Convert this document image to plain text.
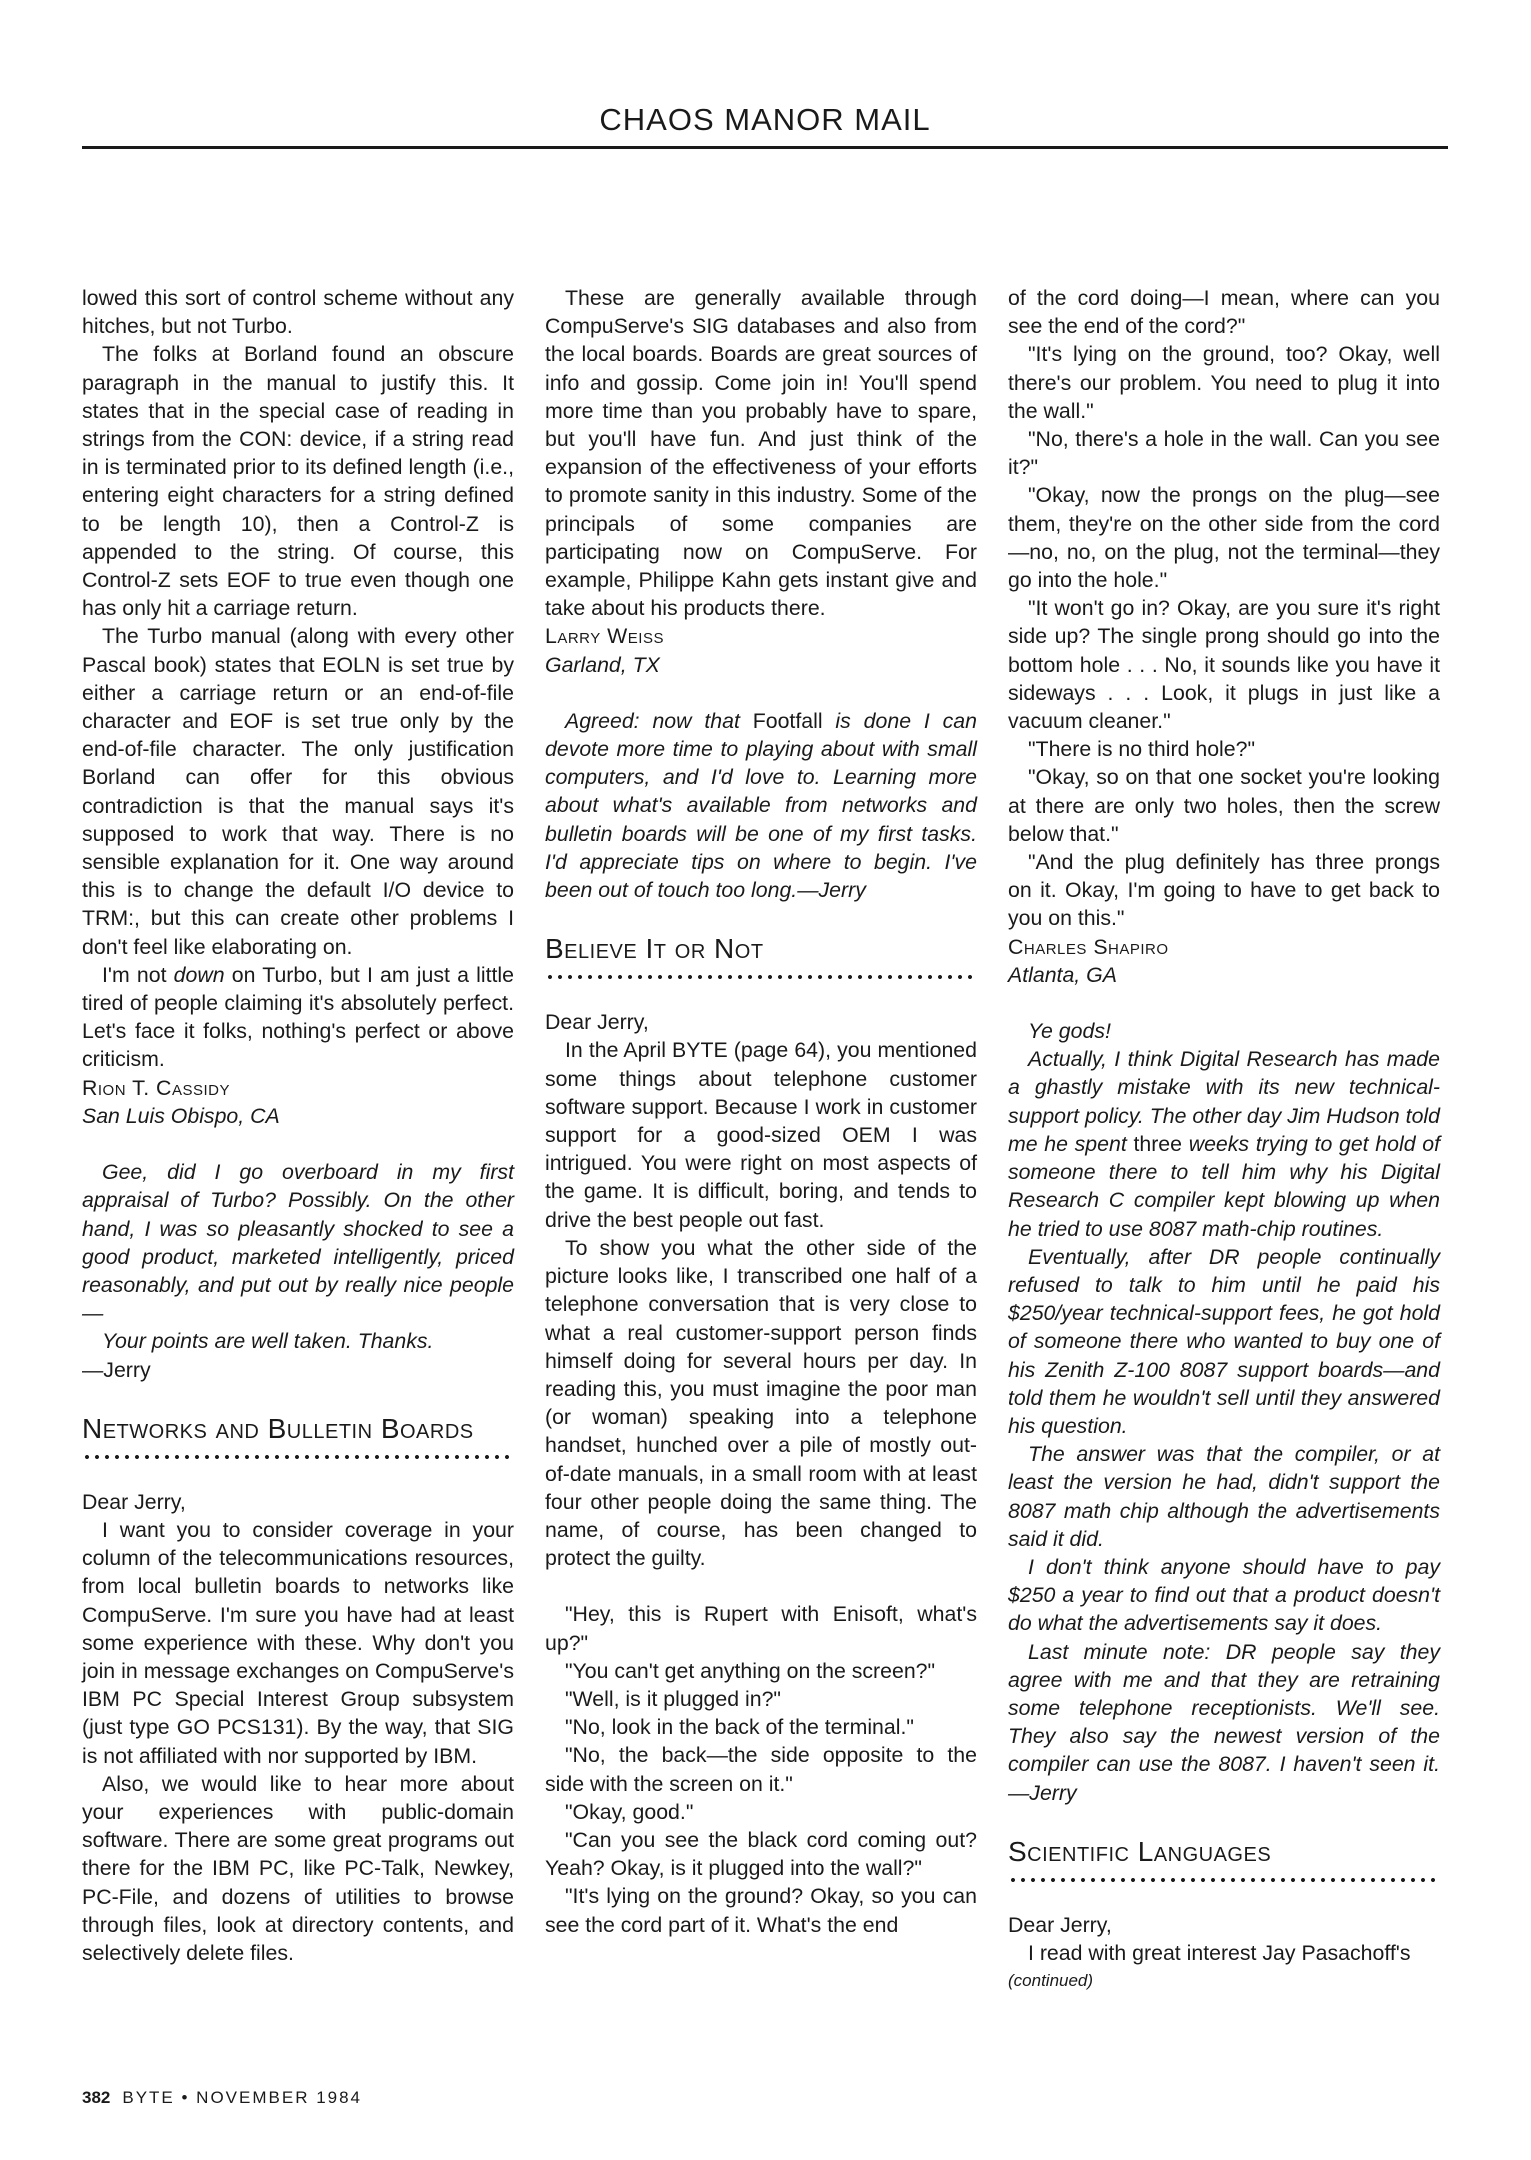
CHAOS MANOR MAIL

lowed this sort of control scheme without any hitches, but not Turbo.

The folks at Borland found an obscure paragraph in the manual to justify this. It states that in the special case of reading in strings from the CON: device, if a string read in is terminated prior to its defined length (i.e., entering eight characters for a string defined to be length 10), then a Control-Z is appended to the string. Of course, this Control-Z sets EOF to true even though one has only hit a carriage return.

The Turbo manual (along with every other Pascal book) states that EOLN is set true by either a carriage return or an end-of-file character and EOF is set true only by the end-of-file character. The only justification Borland can offer for this obvious contradiction is that the manual says it's supposed to work that way. There is no sensible explanation for it. One way around this is to change the default I/O device to TRM:, but this can create other problems I don't feel like elaborating on.

I'm not down on Turbo, but I am just a little tired of people claiming it's absolutely perfect. Let's face it folks, nothing's perfect or above criticism.

Rion T. Cassidy

San Luis Obispo, CA

Gee, did I go overboard in my first appraisal of Turbo? Possibly. On the other hand, I was so pleasantly shocked to see a good product, marketed intelligently, priced reasonably, and put out by really nice people—

Your points are well taken. Thanks.

—Jerry

Networks and Bulletin Boards

Dear Jerry,

I want you to consider coverage in your column of the telecommunications resources, from local bulletin boards to networks like CompuServe. I'm sure you have had at least some experience with these. Why don't you join in message exchanges on CompuServe's IBM PC Special Interest Group subsystem (just type GO PCS131). By the way, that SIG is not affiliated with nor supported by IBM.

Also, we would like to hear more about your experiences with public-domain software. There are some great programs out there for the IBM PC, like PC-Talk, Newkey, PC-File, and dozens of utilities to browse through files, look at directory contents, and selectively delete files.

These are generally available through CompuServe's SIG databases and also from the local boards. Boards are great sources of info and gossip. Come join in! You'll spend more time than you probably have to spare, but you'll have fun. And just think of the expansion of the effectiveness of your efforts to promote sanity in this industry. Some of the principals of some companies are participating now on CompuServe. For example, Philippe Kahn gets instant give and take about his products there.

Larry Weiss

Garland, TX

Agreed: now that Footfall is done I can devote more time to playing about with small computers, and I'd love to. Learning more about what's available from networks and bulletin boards will be one of my first tasks. I'd appreciate tips on where to begin. I've been out of touch too long.—Jerry

Believe It or Not

Dear Jerry,

In the April BYTE (page 64), you mentioned some things about telephone customer software support. Because I work in customer support for a good-sized OEM I was intrigued. You were right on most aspects of the game. It is difficult, boring, and tends to drive the best people out fast.

To show you what the other side of the picture looks like, I transcribed one half of a telephone conversation that is very close to what a real customer-support person finds himself doing for several hours per day. In reading this, you must imagine the poor man (or woman) speaking into a telephone handset, hunched over a pile of mostly out-of-date manuals, in a small room with at least four other people doing the same thing. The name, of course, has been changed to protect the guilty.

"Hey, this is Rupert with Enisoft, what's up?"

"You can't get anything on the screen?"

"Well, is it plugged in?"

"No, look in the back of the terminal."

"No, the back—the side opposite to the side with the screen on it."

"Okay, good."

"Can you see the black cord coming out? Yeah? Okay, is it plugged into the wall?"

"It's lying on the ground? Okay, so you can see the cord part of it. What's the end

of the cord doing—I mean, where can you see the end of the cord?"

"It's lying on the ground, too? Okay, well there's our problem. You need to plug it into the wall."

"No, there's a hole in the wall. Can you see it?"

"Okay, now the prongs on the plug—see them, they're on the other side from the cord—no, no, on the plug, not the terminal—they go into the hole."

"It won't go in? Okay, are you sure it's right side up? The single prong should go into the bottom hole . . . No, it sounds like you have it sideways . . . Look, it plugs in just like a vacuum cleaner."

"There is no third hole?"

"Okay, so on that one socket you're looking at there are only two holes, then the screw below that."

"And the plug definitely has three prongs on it. Okay, I'm going to have to get back to you on this."

Charles Shapiro

Atlanta, GA

Ye gods!

Actually, I think Digital Research has made a ghastly mistake with its new technical-support policy. The other day Jim Hudson told me he spent three weeks trying to get hold of someone there to tell him why his Digital Research C compiler kept blowing up when he tried to use 8087 math-chip routines.

Eventually, after DR people continually refused to talk to him until he paid his $250/year technical-support fees, he got hold of someone there who wanted to buy one of his Zenith Z-100 8087 support boards—and told them he wouldn't sell until they answered his question.

The answer was that the compiler, or at least the version he had, didn't support the 8087 math chip although the advertisements said it did.

I don't think anyone should have to pay $250 a year to find out that a product doesn't do what the advertisements say it does.

Last minute note: DR people say they agree with me and that they are retraining some telephone receptionists. We'll see. They also say the newest version of the compiler can use the 8087. I haven't seen it.—Jerry

Scientific Languages

Dear Jerry,

I read with great interest Jay Pasachoff's

(continued)

382 BYTE • NOVEMBER 1984
